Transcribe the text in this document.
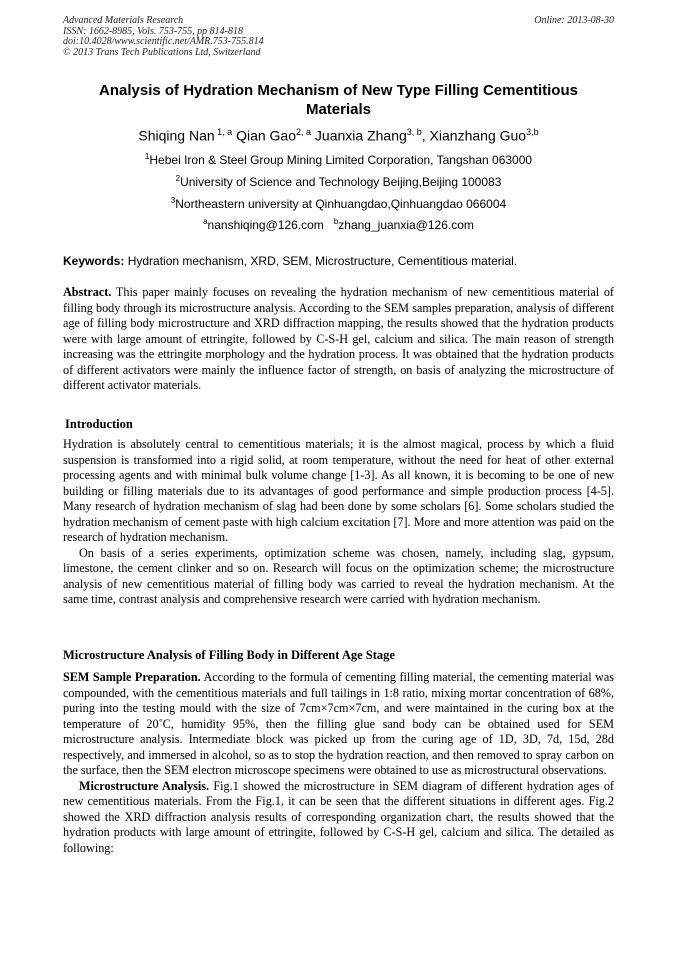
Advanced Materials Research
ISSN: 1662-8985, Vols. 753-755, pp 814-818
doi:10.4028/www.scientific.net/AMR.753-755.814
© 2013 Trans Tech Publications Ltd, Switzerland
Online: 2013-08-30
Analysis of Hydration Mechanism of New Type Filling Cementitious
Materials
Shiqing Nan $^{1, a}$ Qian Gao$^{2, a}$ Juanxia Zhang$^{3, b}$, Xianzhang Guo$^{3,b}$
$^1$Hebei Iron & Steel Group Mining Limited Corporation, Tangshan 063000
$^2$University of Science and Technology Beijing,Beijing 100083
$^3$Northeastern university at Qinhuangdao,Qinhuangdao 066004
$^a$nanshiqing@126.com $^b$zhang_juanxia@126.com
Keywords: Hydration mechanism, XRD, SEM, Microstructure, Cementitious material.

Abstract. This paper mainly focuses on revealing the hydration mechanism of new cementitious material of filling body through its microstructure analysis. According to the SEM samples preparation, analysis of different age of filling body microstructure and XRD diffraction mapping, the results showed that the hydration products were with large amount of ettringite, followed by C-S-H gel, calcium and silica. The main reason of strength increasing was the ettringite morphology and the hydration process. It was obtained that the hydration products of different activators were mainly the influence factor of strength, on basis of analyzing the microstructure of different activator materials.

Introduction

Hydration is absolutely central to cementitious materials; it is the almost magical, process by which a fluid suspension is transformed into a rigid solid, at room temperature, without the need for heat of other external processing agents and with minimal bulk volume change [1-3]. As all known, it is becoming to be one of new building or filling materials due to its advantages of good performance and simple production process [4-5]. Many research of hydration mechanism of slag had been done by some scholars [6]. Some scholars studied the hydration mechanism of cement paste with high calcium excitation [7]. More and more attention was paid on the research of hydration mechanism.

On basis of a series experiments, optimization scheme was chosen, namely, including slag, gypsum, limestone, the cement clinker and so on. Research will focus on the optimization scheme; the microstructure analysis of new cementitious material of filling body was carried to reveal the hydration mechanism. At the same time, contrast analysis and comprehensive research were carried with hydration mechanism.

Microstructure Analysis of Filling Body in Different Age Stage

SEM Sample Preparation. According to the formula of cementing filling material, the cementing material was compounded, with the cementitious materials and full tailings in 1:8 ratio, mixing mortar concentration of 68%, puring into the testing mould with the size of 7cm×7cm×7cm, and were maintained in the curing box at the temperature of 20˚C, humidity 95%, then the filling glue sand body can be obtained used for SEM microstructure analysis. Intermediate block was picked up from the curing age of 1D, 3D, 7d, 15d, 28d respectively, and immersed in alcohol, so as to stop the hydration reaction, and then removed to spray carbon on the surface, then the SEM electron microscope specimens were obtained to use as microstructural observations.

Microstructure Analysis. Fig.1 showed the microstructure in SEM diagram of different hydration ages of new cementitious materials. From the Fig.1, it can be seen that the different situations in different ages. Fig.2 showed the XRD diffraction analysis results of corresponding organization chart, the results showed that the hydration products with large amount of ettringite, followed by C-S-H gel, calcium and silica. The detailed as following:
